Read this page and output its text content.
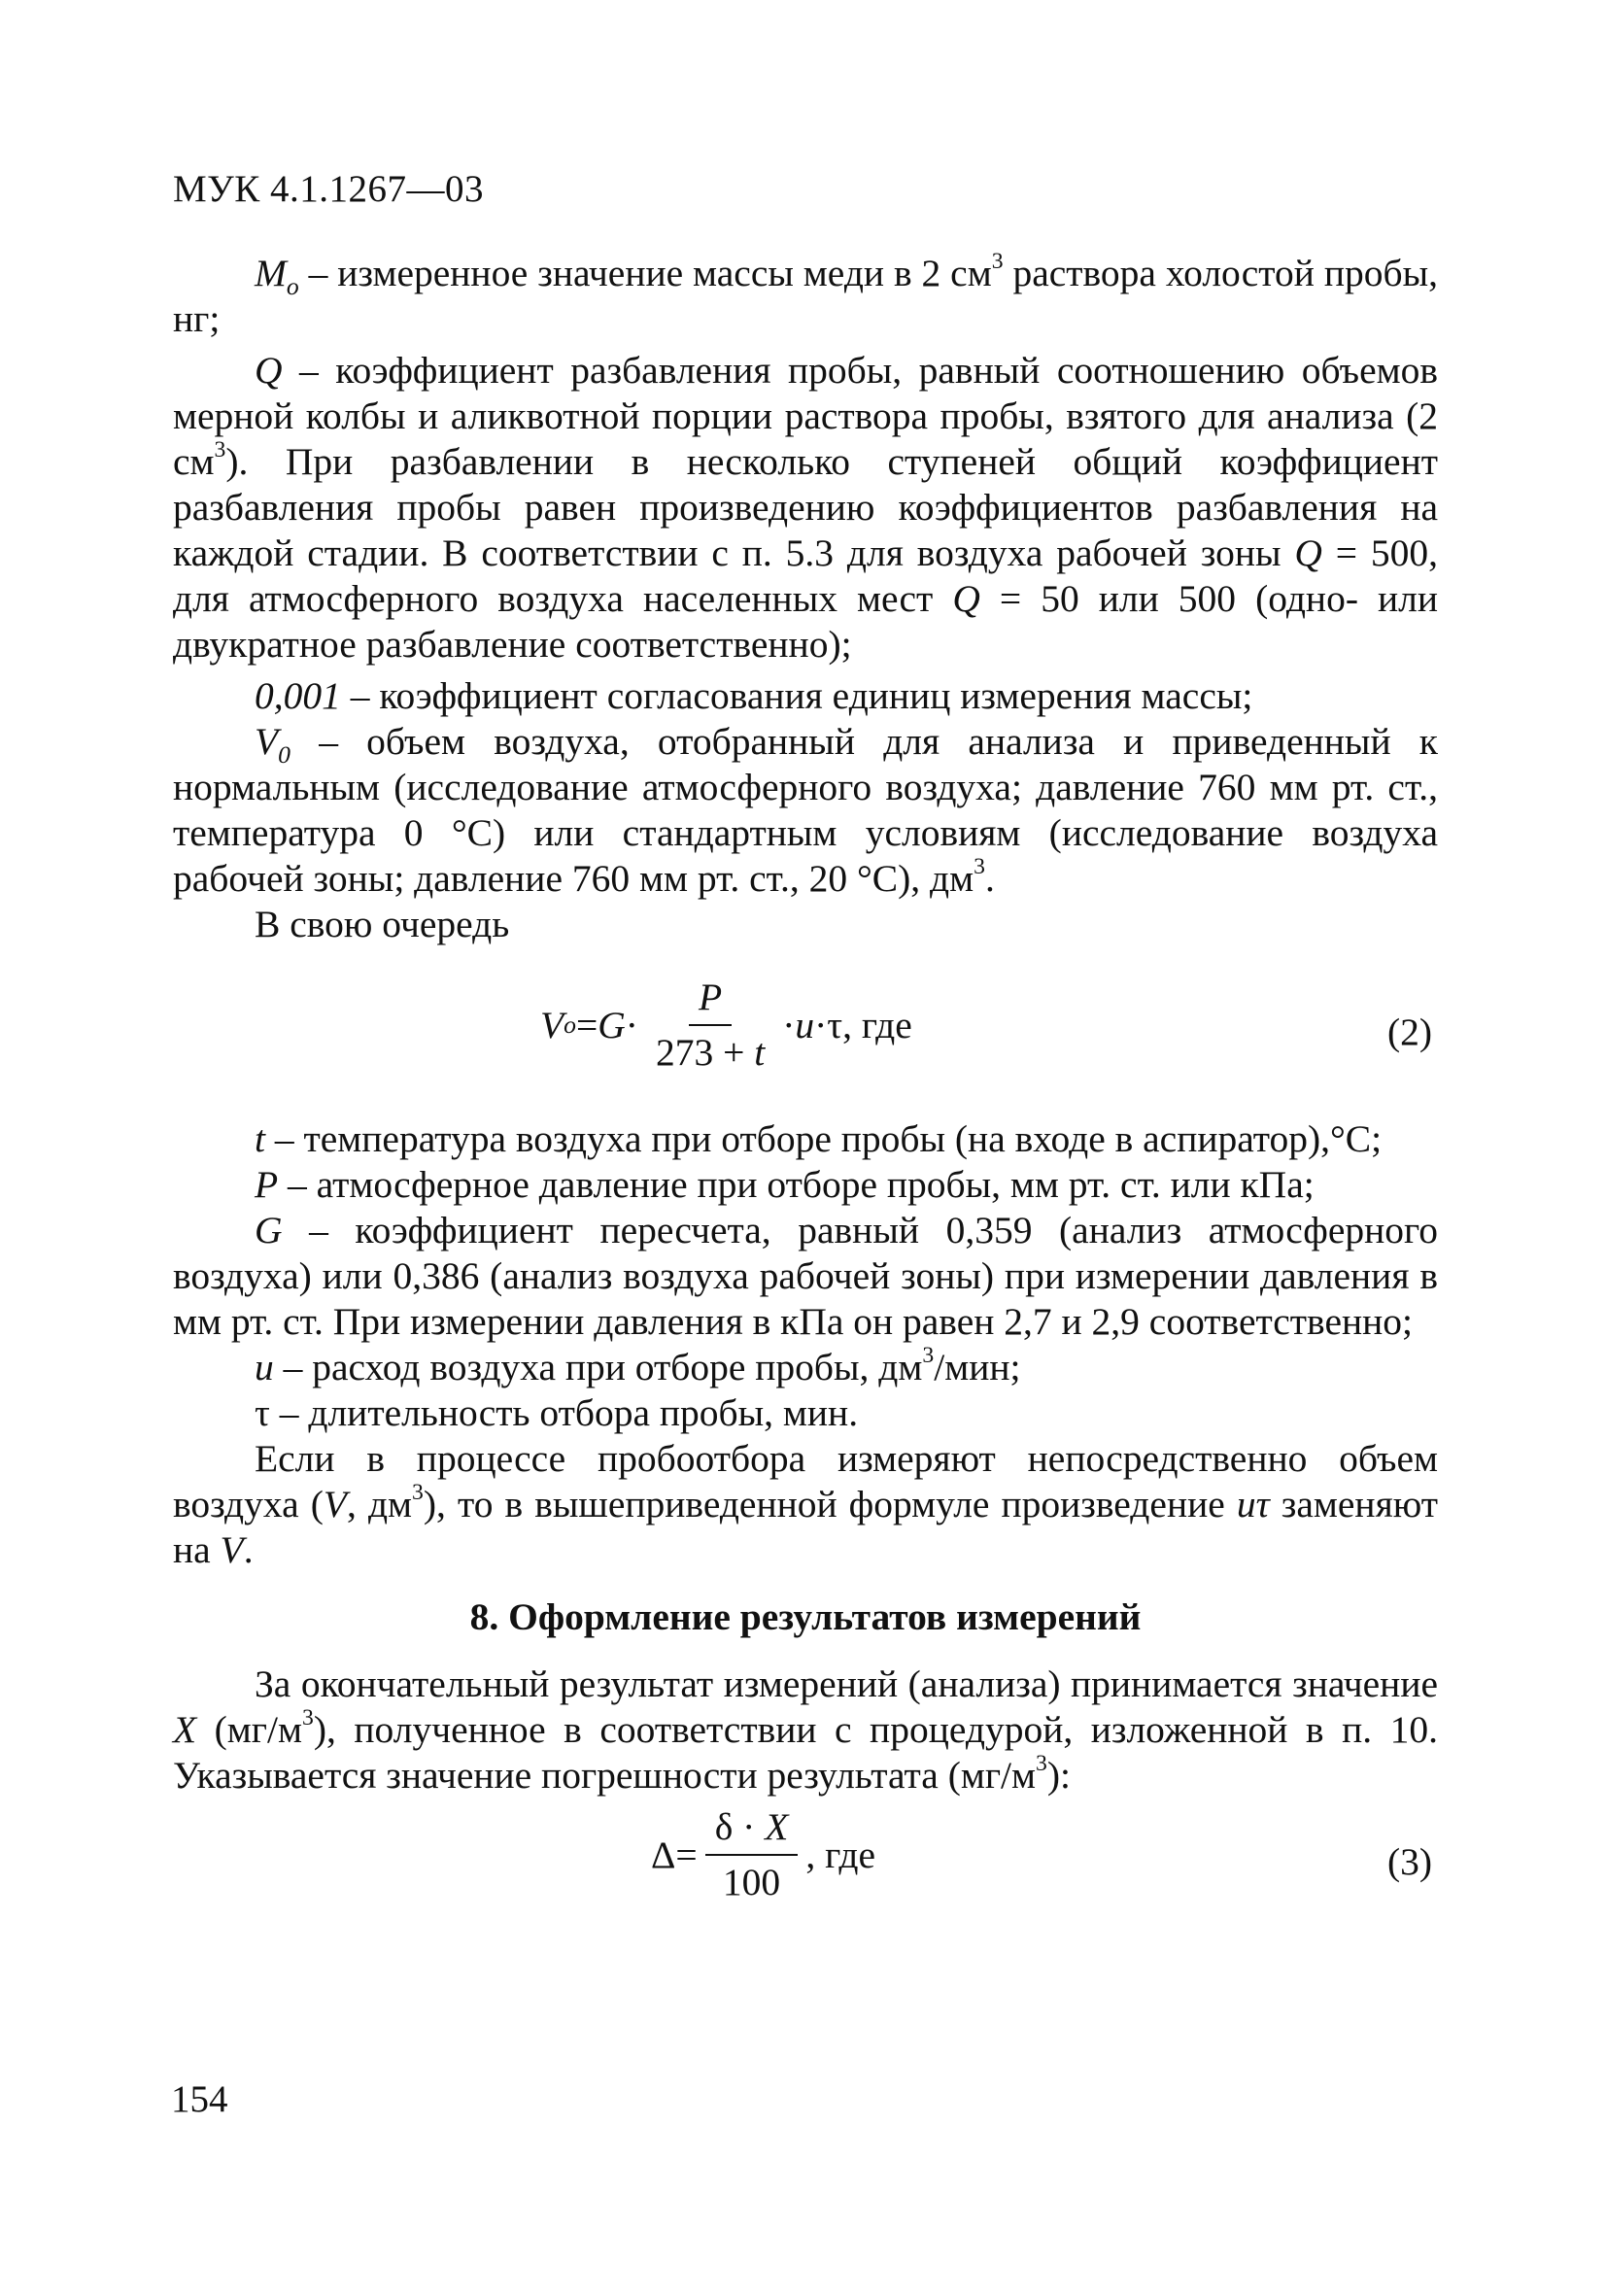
МУК 4.1.1267—03

$M_o$ – измеренное значение массы меди в 2 $см^3$ раствора холостой пробы, нг;

Q – коэффициент разбавления пробы, равный соотношению объемов мерной колбы и аликвотной порции раствора пробы, взятого для анализа (2 $см^3$). При разбавлении в несколько ступеней общий коэффициент разбавления пробы равен произведению коэффициентов разбавления на каждой стадии. В соответствии с п. 5.3 для воздуха рабочей зоны Q = 500, для атмосферного воздуха населенных мест Q = 50 или 500 (одно- или двукратное разбавление соответственно);

0,001 – коэффициент согласования единиц измерения массы;

$V_0$ – объем воздуха, отобранный для анализа и приведенный к нормальным (исследование атмосферного воздуха; давление 760 мм рт. ст., температура 0 °С) или стандартным условиям (исследование воздуха рабочей зоны; давление 760 мм рт. ст., 20 °С), $дм^3$.

В свою очередь

V $o = G \cdot \frac{P}{273 + t} \cdot u \cdot \tau$ , где	(2)

t – температура воздуха при отборе пробы (на входе в аспиратор),°С;

P – атмосферное давление при отборе пробы, мм рт. ст. или кПа;

G – коэффициент пересчета, равный 0,359 (анализ атмосферного воздуха) или 0,386 (анализ воздуха рабочей зоны) при измерении давления в мм рт. ст. При измерении давления в кПа он равен 2,7 и 2,9 соответственно;

u – расход воздуха при отборе пробы, $дм^3$/мин;

τ – длительность отбора пробы, мин.

Если в процессе пробоотбора измеряют непосредственно объем воздуха (V, $дм^3$), то в вышеприведенной формуле произведение uτ заменяют на V.

8. Оформление результатов измерений

За окончательный результат измерений (анализа) принимается значение X $(мг/м^3)$, полученное в соответствии с процедурой, изложенной в п. 10. Указывается значение погрешности результата $(мг/м^3)$:

$\Delta = \frac{\delta \cdot X}{100}$ , где	(3)
154
